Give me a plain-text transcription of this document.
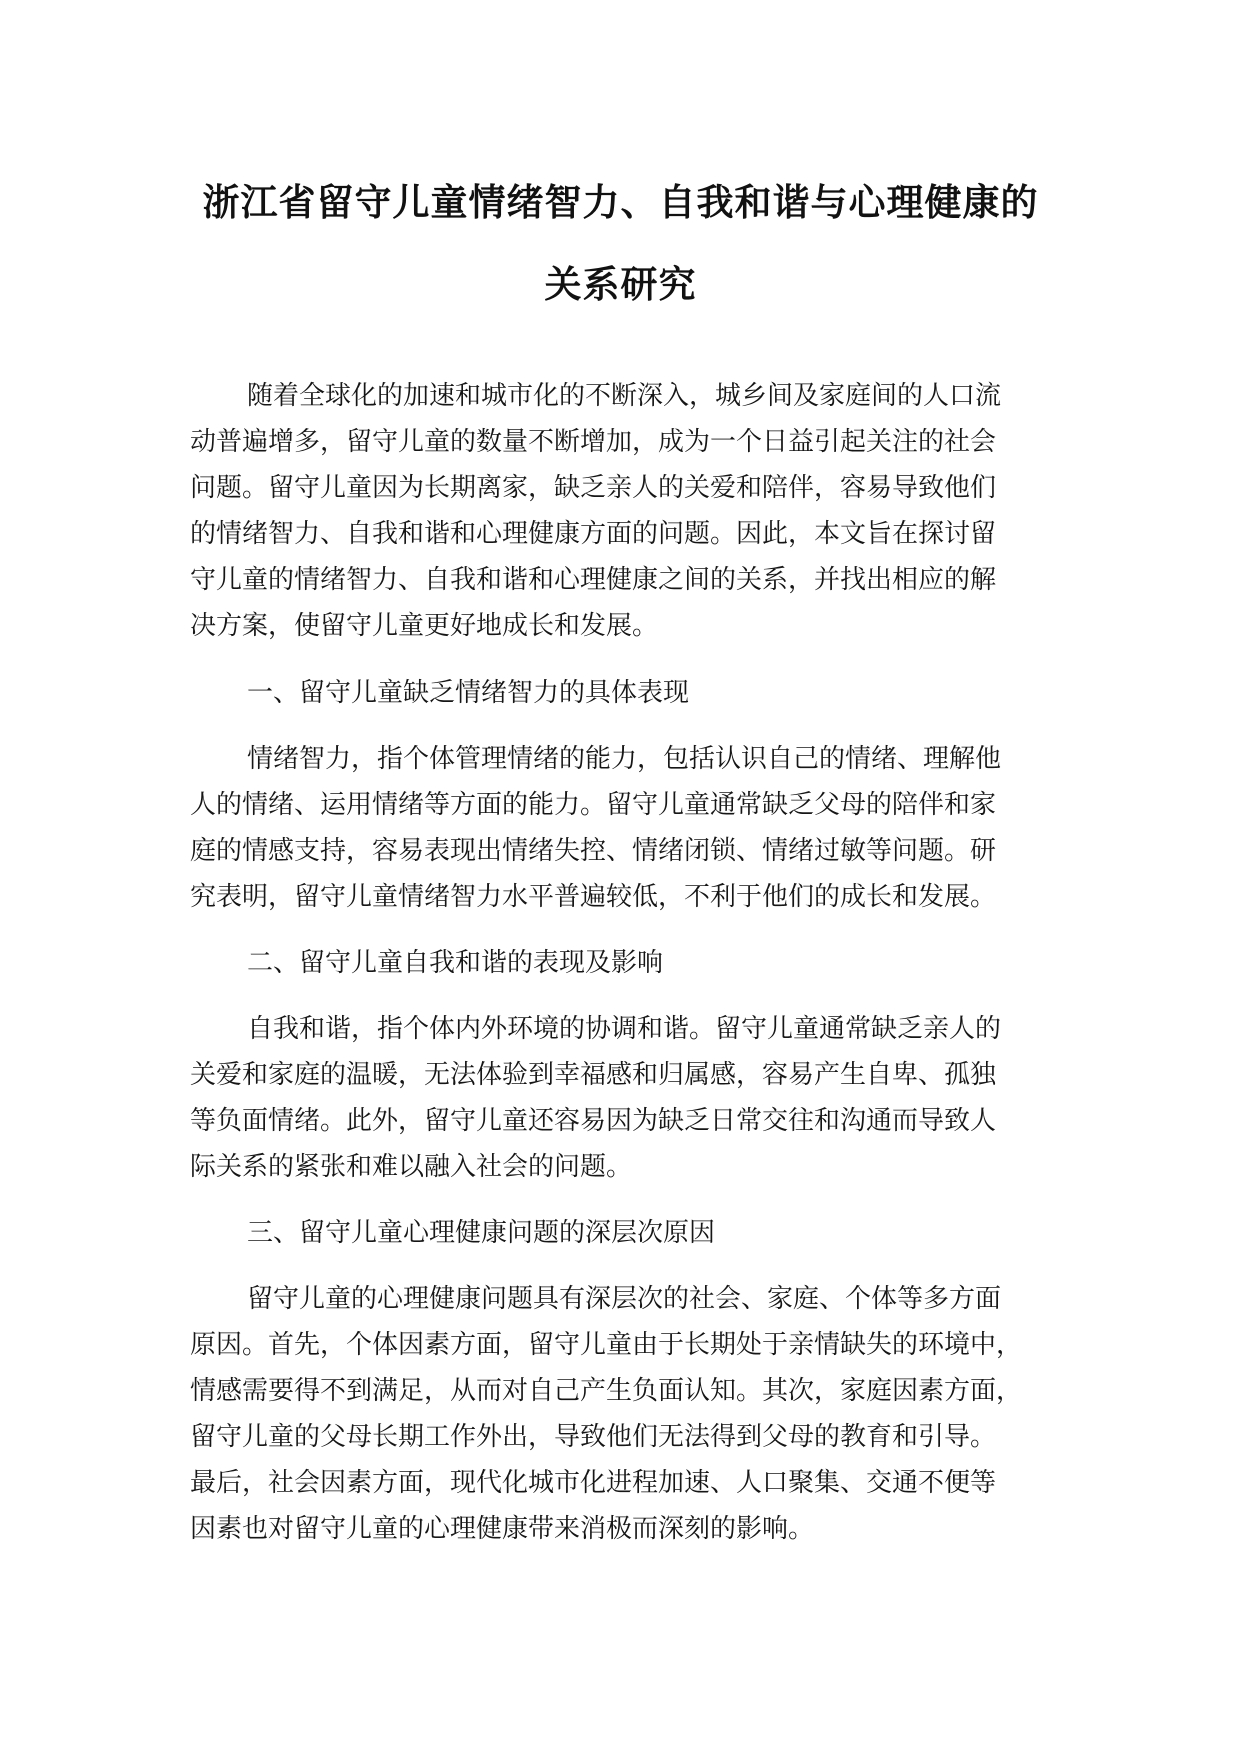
浙江省留守儿童情绪智力、自我和谐与心理健康的
关系研究
随着全球化的加速和城市化的不断深入，城乡间及家庭间的人口流
动普遍增多，留守儿童的数量不断增加，成为一个日益引起关注的社会
问题。留守儿童因为长期离家，缺乏亲人的关爱和陪伴，容易导致他们
的情绪智力、自我和谐和心理健康方面的问题。因此，本文旨在探讨留
守儿童的情绪智力、自我和谐和心理健康之间的关系，并找出相应的解
决方案，使留守儿童更好地成长和发展。
一、留守儿童缺乏情绪智力的具体表现
情绪智力，指个体管理情绪的能力，包括认识自己的情绪、理解他
人的情绪、运用情绪等方面的能力。留守儿童通常缺乏父母的陪伴和家
庭的情感支持，容易表现出情绪失控、情绪闭锁、情绪过敏等问题。研
究表明，留守儿童情绪智力水平普遍较低，不利于他们的成长和发展。
二、留守儿童自我和谐的表现及影响
自我和谐，指个体内外环境的协调和谐。留守儿童通常缺乏亲人的
关爱和家庭的温暖，无法体验到幸福感和归属感，容易产生自卑、孤独
等负面情绪。此外，留守儿童还容易因为缺乏日常交往和沟通而导致人
际关系的紧张和难以融入社会的问题。
三、留守儿童心理健康问题的深层次原因
留守儿童的心理健康问题具有深层次的社会、家庭、个体等多方面
原因。首先，个体因素方面，留守儿童由于长期处于亲情缺失的环境中，
情感需要得不到满足，从而对自己产生负面认知。其次，家庭因素方面，
留守儿童的父母长期工作外出，导致他们无法得到父母的教育和引导。
最后，社会因素方面，现代化城市化进程加速、人口聚集、交通不便等
因素也对留守儿童的心理健康带来消极而深刻的影响。
